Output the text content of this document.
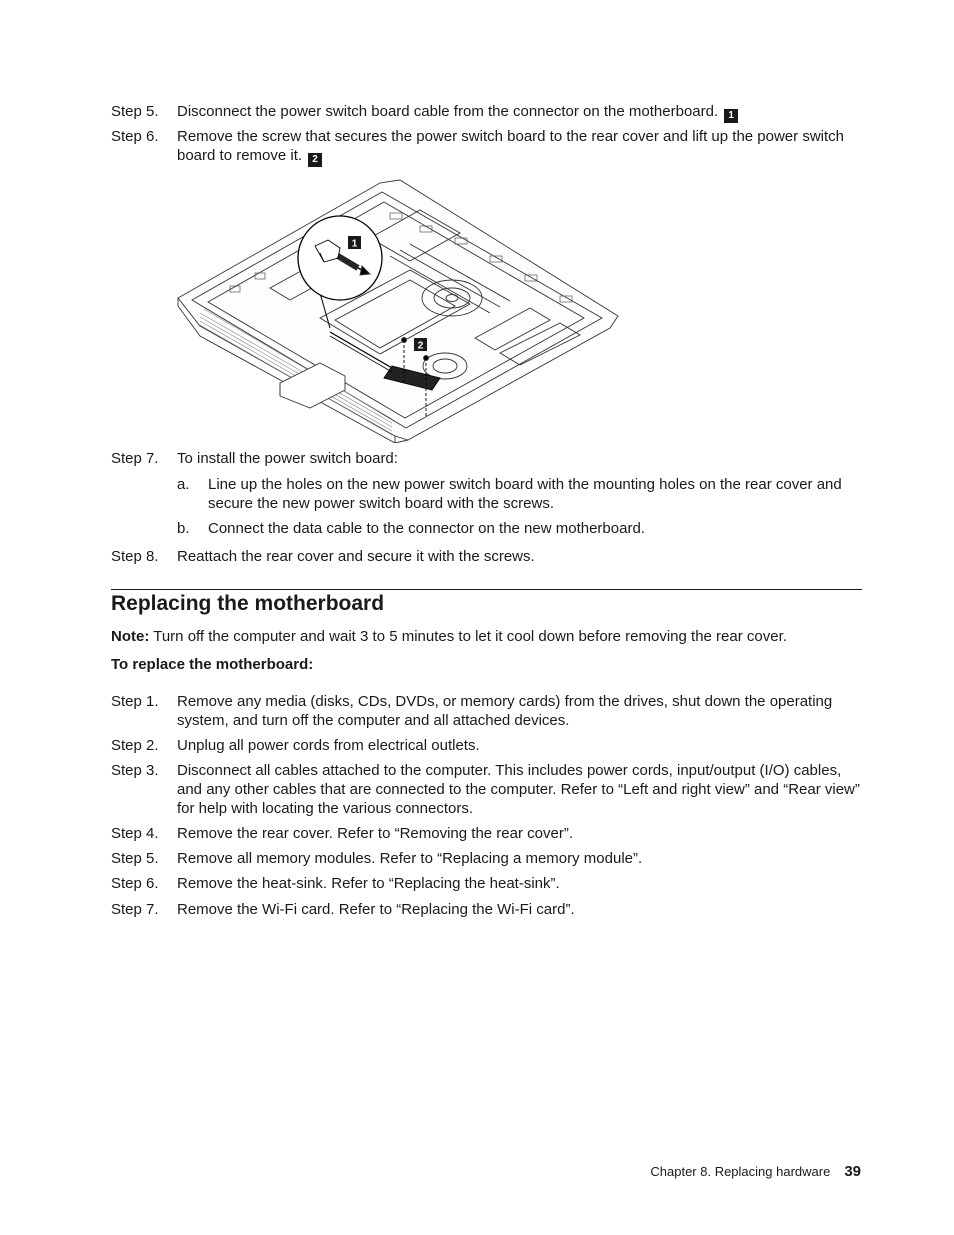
Step 5. Disconnect the power switch board cable from the connector on the motherboard. 1
Step 6. Remove the screw that secures the power switch board to the rear cover and lift up the power switch board to remove it. 2
1
2
Step 7. To install the power switch board:
a. Line up the holes on the new power switch board with the mounting holes on the rear cover and secure the new power switch board with the screws.
b. Connect the data cable to the connector on the new motherboard.
Step 8. Reattach the rear cover and secure it with the screws.
Replacing the motherboard
Note: Turn off the computer and wait 3 to 5 minutes to let it cool down before removing the rear cover.
To replace the motherboard:
Step 1. Remove any media (disks, CDs, DVDs, or memory cards) from the drives, shut down the operating system, and turn off the computer and all attached devices.
Step 2. Unplug all power cords from electrical outlets.
Step 3. Disconnect all cables attached to the computer. This includes power cords, input/output (I/O) cables, and any other cables that are connected to the computer. Refer to “Left and right view” and “Rear view” for help with locating the various connectors.
Step 4. Remove the rear cover. Refer to “Removing the rear cover”.
Step 5. Remove all memory modules. Refer to “Replacing a memory module”.
Step 6. Remove the heat-sink. Refer to “Replacing the heat-sink”.
Step 7. Remove the Wi-Fi card. Refer to “Replacing the Wi-Fi card”.
Chapter 8. Replacing hardware 39
